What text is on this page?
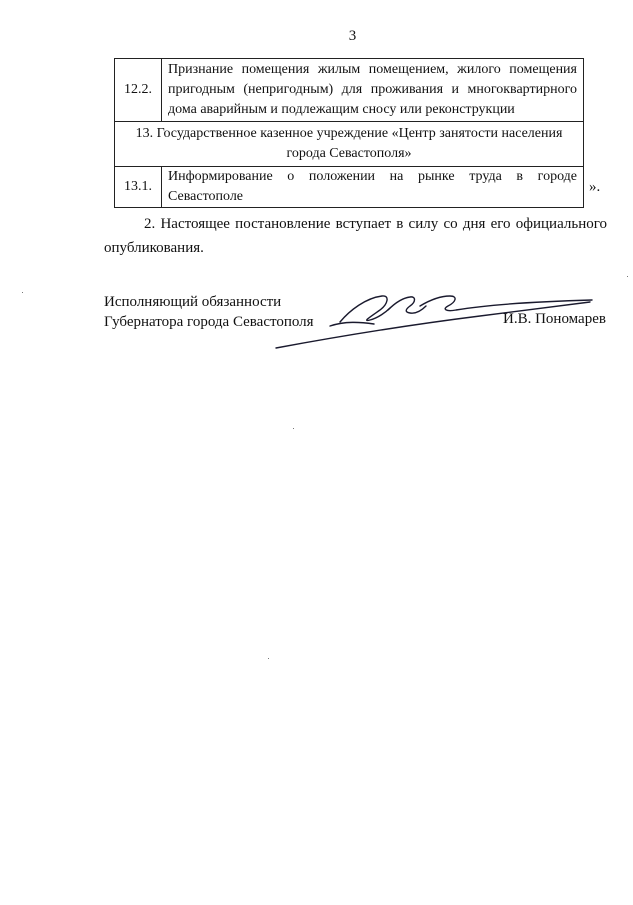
3
12.2.	Признание помещения жилым помещением, жилого помещения пригодным (непригодным) для проживания и многоквартирного дома аварийным и подлежащим сносу или реконструкции
13. Государственное казенное учреждение «Центр занятости населения города Севастополя»	
13.1.	Информирование о положении на рынке труда в городе Севастополе
».

2. Настоящее постановление вступает в силу со дня его официального опубликования.

Исполняющий обязанности
Губернатора города Севастополя	И.В. Пономарев
